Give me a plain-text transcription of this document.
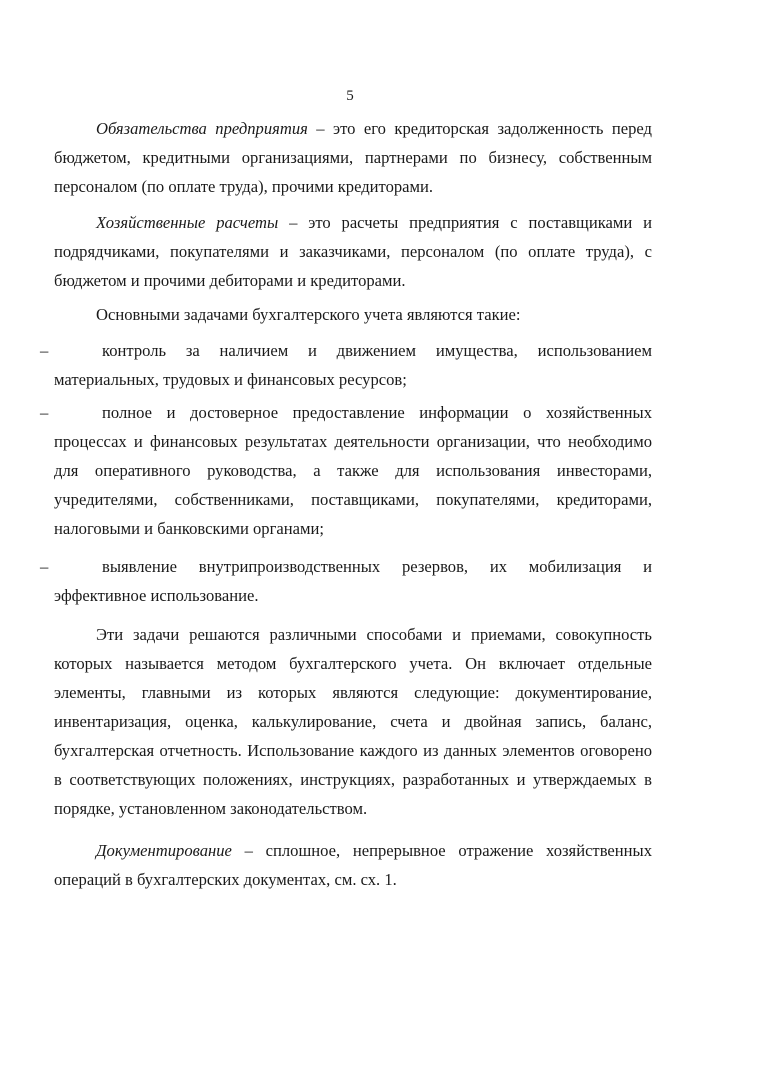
5

Обязательства предприятия – это его кредиторская задолженность перед бюджетом, кредитными организациями, партнерами по бизнесу, собственным персоналом (по оплате труда), прочими кредиторами.

Хозяйственные расчеты – это расчеты предприятия с поставщиками и подрядчиками, покупателями и заказчиками, персоналом (по оплате труда), с бюджетом и прочими дебиторами и кредиторами.

Основными задачами бухгалтерского учета являются такие:

–	контроль за наличием и движением имущества, использованием материальных, трудовых и финансовых ресурсов;

–	полное и достоверное предоставление информации о хозяйственных процессах и финансовых результатах деятельности организации, что необходимо для оперативного руководства, а также для использования инвесторами, учредителями, собственниками, поставщиками, покупателями, кредиторами, налоговыми и банковскими органами;

–	выявление внутрипроизводственных резервов, их мобилизация и эффективное использование.

Эти задачи решаются различными способами и приемами, совокупность которых называется методом бухгалтерского учета. Он включает отдельные элементы, главными из которых являются следующие: документирование, инвентаризация, оценка, калькулирование, счета и двойная запись, баланс, бухгалтерская отчетность. Использование каждого из данных элементов оговорено в соответствующих положениях, инструкциях, разработанных и утверждаемых в порядке, установленном законодательством.

Документирование – сплошное, непрерывное отражение хозяйственных операций в бухгалтерских документах, см. сх. 1.
